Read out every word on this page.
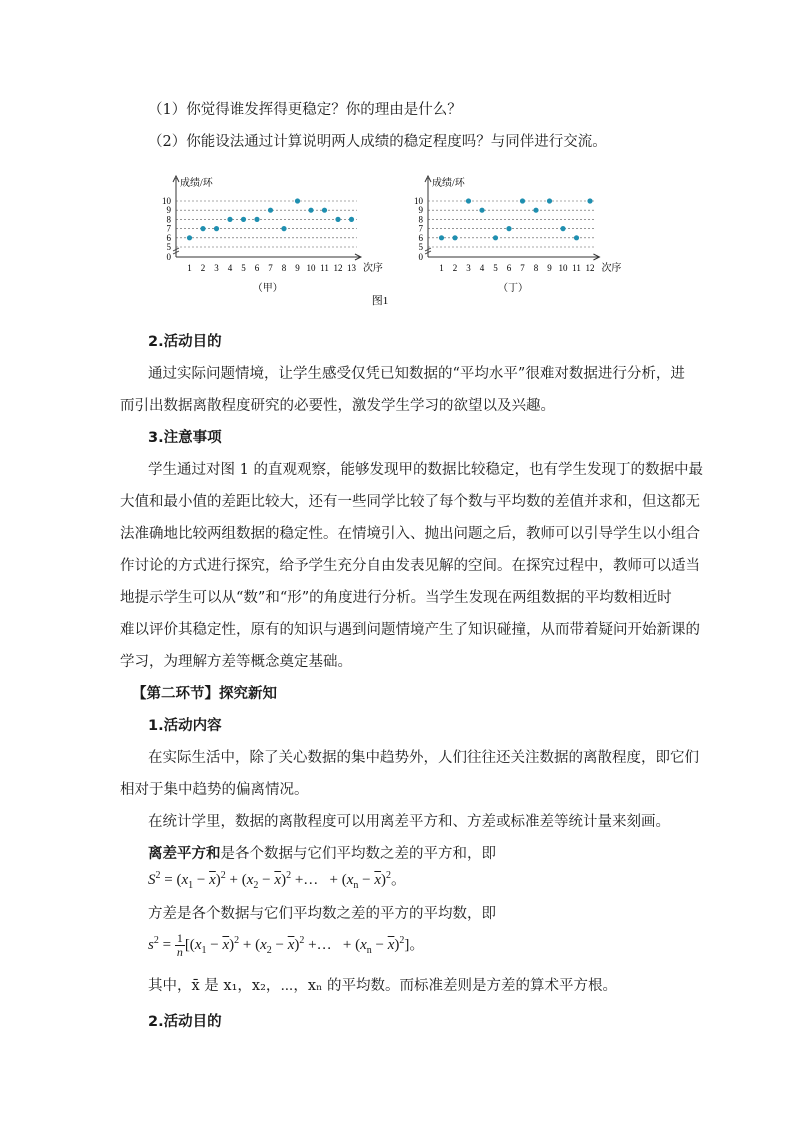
（1）你觉得谁发挥得更稳定？你的理由是什么？
（2）你能设法通过计算说明两人成绩的稳定程度吗？与同伴进行交流。
0
5
6
7
8
9
10
1 2 3 4 5 6 7 8 9 10 11 12 13
成绩/环
次序
（甲）
0
5
6
7
8
9
10
1 2 3 4 5 6 7 8 9 10 11 12
成绩/环
次序
（丁）
图1
2.活动目的
通过实际问题情境，让学生感受仅凭已知数据的“平均水平”很难对数据进行分析，进
而引出数据离散程度研究的必要性，激发学生学习的欲望以及兴趣。
3.注意事项
学生通过对图 1 的直观观察，能够发现甲的数据比较稳定，也有学生发现丁的数据中最
大值和最小值的差距比较大，还有一些同学比较了每个数与平均数的差值并求和，但这都无
法准确地比较两组数据的稳定性。在情境引入、抛出问题之后，教师可以引导学生以小组合
作讨论的方式进行探究，给予学生充分自由发表见解的空间。在探究过程中，教师可以适当
地提示学生可以从“数”和“形”的角度进行分析。当学生发现在两组数据的平均数相近时
难以评价其稳定性，原有的知识与遇到问题情境产生了知识碰撞，从而带着疑问开始新课的
学习，为理解方差等概念奠定基础。
【第二环节】探究新知
1.活动内容
在实际生活中，除了关心数据的集中趋势外，人们往往还关注数据的离散程度，即它们
相对于集中趋势的偏离情况。
在统计学里，数据的离散程度可以用离差平方和、方差或标准差等统计量来刻画。
离差平方和是各个数据与它们平均数之差的平方和，即
$S^2 = (x_1 - \overline{x})^2 + (x_2 - \overline{x})^2$ +…   + $(x_n - \overline{x})^2$。
方差是各个数据与它们平均数之差的平方的平均数，即
$s^2 = \frac{1}{n} [(x_1 - \overline{x})^2 + (x_2 - \overline{x})^2$ +…   + $(x_n - \overline{x})^2$]。
其中，x̄ 是 x₁，x₂，⋯，xₙ 的平均数。而标准差则是方差的算术平方根。
2.活动目的
